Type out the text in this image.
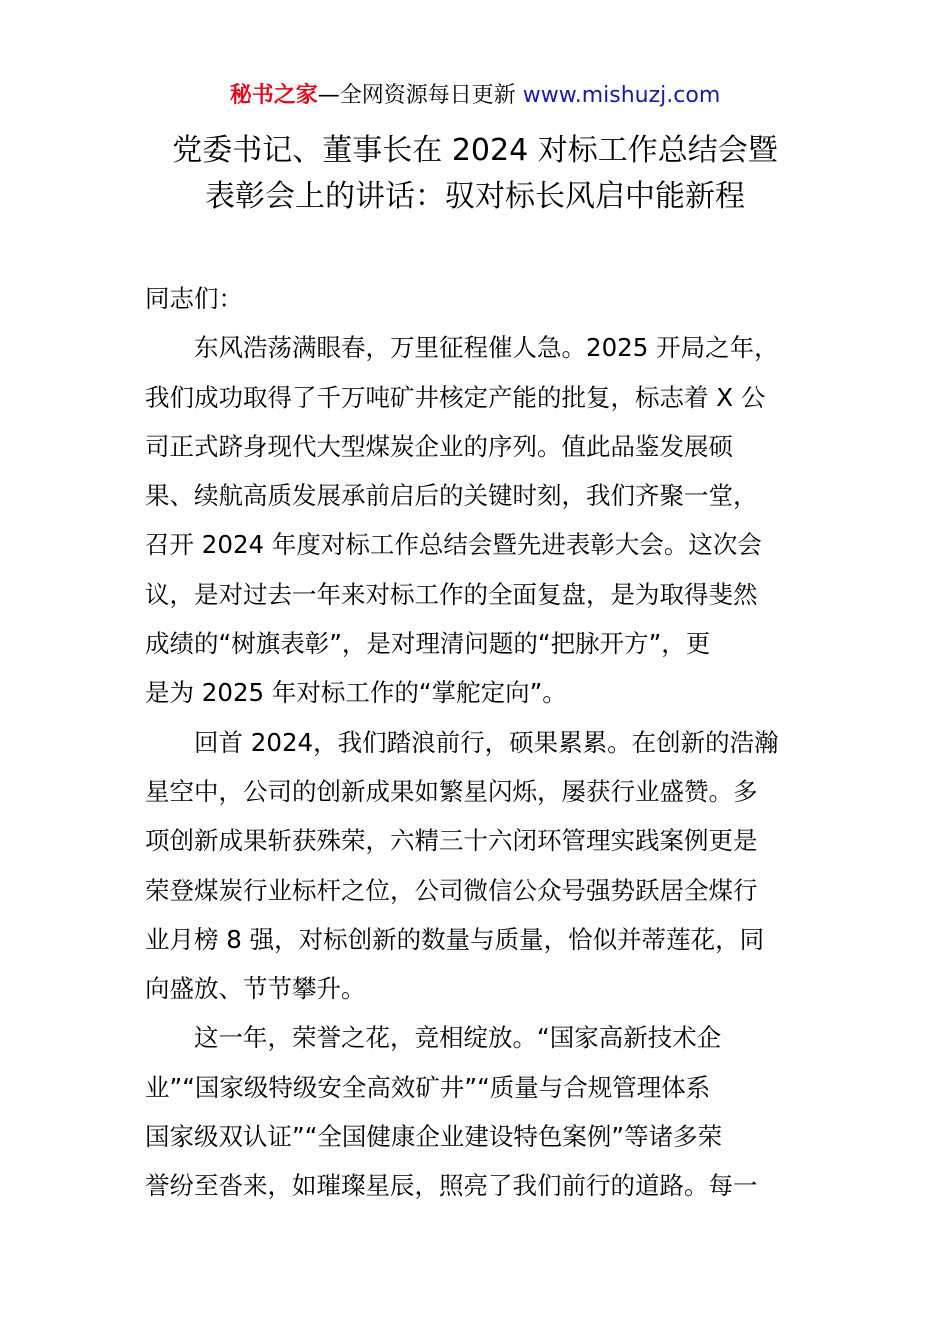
秘书之家—全网资源每日更新 www.mishuzj.com
党委书记、董事长在 2024 对标工作总结会暨
表彰会上的讲话：驭对标长风启中能新程
同志们：
东风浩荡满眼春，万里征程催人急。2025 开局之年，
我们成功取得了千万吨矿井核定产能的批复，标志着 X 公
司正式跻身现代大型煤炭企业的序列。值此品鉴发展硕
果、续航高质发展承前启后的关键时刻，我们齐聚一堂，
召开 2024 年度对标工作总结会暨先进表彰大会。这次会
议，是对过去一年来对标工作的全面复盘，是为取得斐然
成绩的“树旗表彰”，是对理清问题的“把脉开方”，更
是为 2025 年对标工作的“掌舵定向”。
回首 2024，我们踏浪前行，硕果累累。在创新的浩瀚
星空中，公司的创新成果如繁星闪烁，屡获行业盛赞。多
项创新成果斩获殊荣，六精三十六闭环管理实践案例更是
荣登煤炭行业标杆之位，公司微信公众号强势跃居全煤行
业月榜 8 强，对标创新的数量与质量，恰似并蒂莲花，同
向盛放、节节攀升。
这一年，荣誉之花，竞相绽放。“国家高新技术企
业”“国家级特级安全高效矿井”“质量与合规管理体系
国家级双认证”“全国健康企业建设特色案例”等诸多荣
誉纷至沓来，如璀璨星辰，照亮了我们前行的道路。每一
